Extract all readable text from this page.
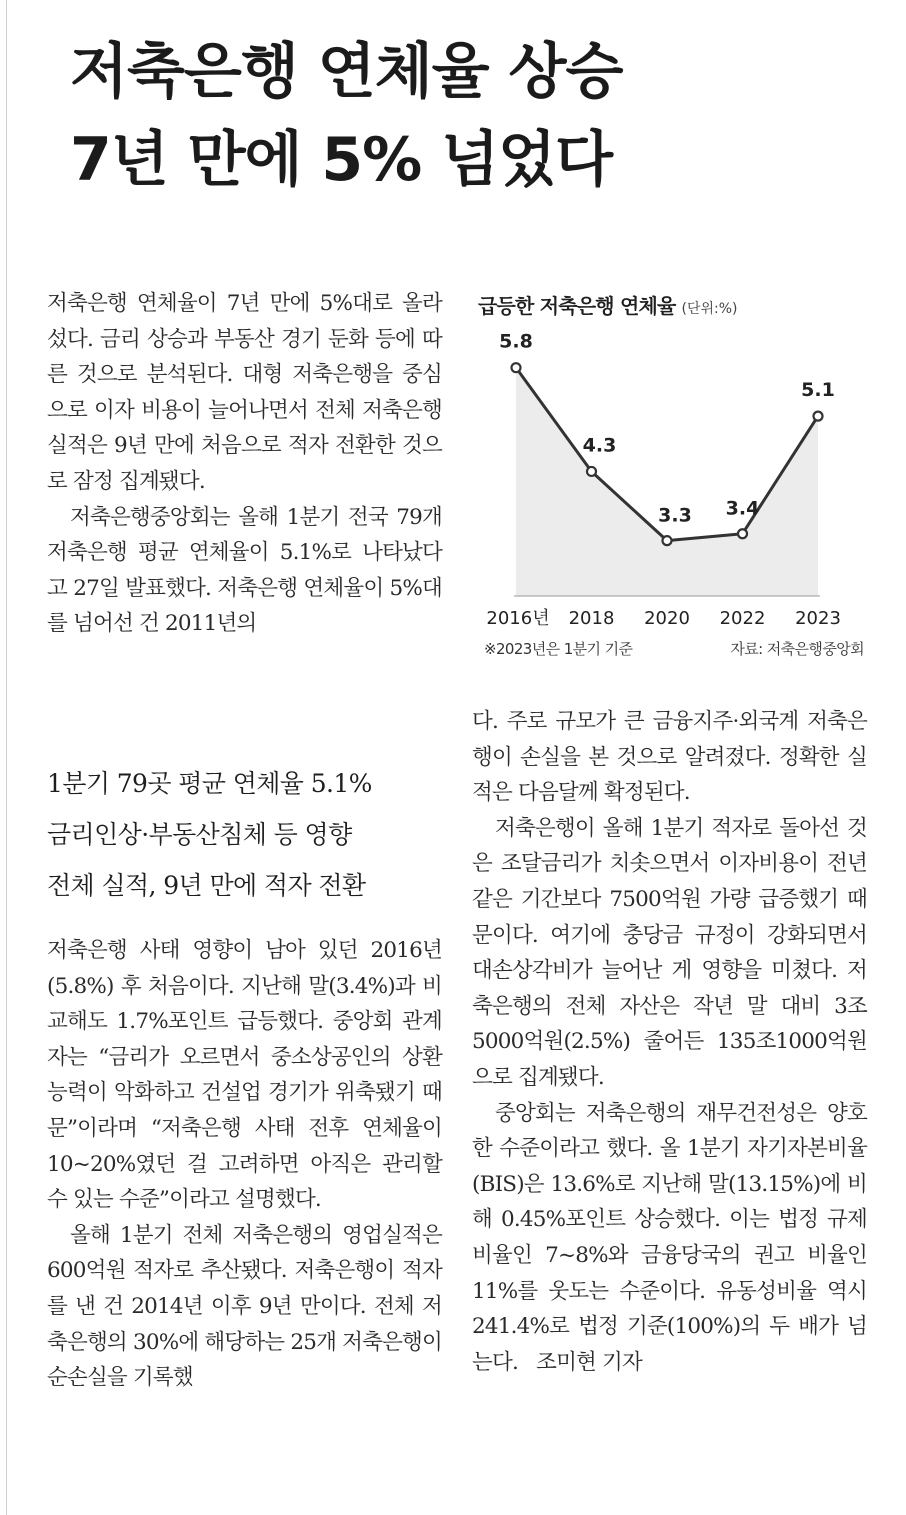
저축은행 연체율 상승
7년 만에 5% 넘었다

저축은행 연체율이 7년 만에 5%대로 올라섰다. 금리 상승과 부동산 경기 둔화 등에 따른 것으로 분석된다. 대형 저축은행을 중심으로 이자 비용이 늘어나면서 전체 저축은행 실적은 9년 만에 처음으로 적자 전환한 것으로 잠정 집계됐다.

저축은행중앙회는 올해 1분기 전국 79개 저축은행 평균 연체율이 5.1%로 나타났다고 27일 발표했다. 저축은행 연체율이 5%대를 넘어선 건 2011년의

1분기 79곳 평균 연체율 5.1%
금리인상·부동산침체 등 영향
전체 실적, 9년 만에 적자 전환

저축은행 사태 영향이 남아 있던 2016년(5.8%) 후 처음이다. 지난해 말(3.4%)과 비교해도 1.7%포인트 급등했다. 중앙회 관계자는 “금리가 오르면서 중소상공인의 상환 능력이 악화하고 건설업 경기가 위축됐기 때문”이라며 “저축은행 사태 전후 연체율이 10~20%였던 걸 고려하면 아직은 관리할 수 있는 수준”이라고 설명했다.

올해 1분기 전체 저축은행의 영업실적은 600억원 적자로 추산됐다. 저축은행이 적자를 낸 건 2014년 이후 9년 만이다. 전체 저축은행의 30%에 해당하는 25개 저축은행이 순손실을 기록했

급등한 저축은행 연체율 (단위:%)
5.8
2016년
4.3
2018
3.3
2020
3.4
2022
5.1
2023
※2023년은 1분기 기준	자료: 저축은행중앙회

다. 주로 규모가 큰 금융지주·외국계 저축은행이 손실을 본 것으로 알려졌다. 정확한 실적은 다음달께 확정된다.

저축은행이 올해 1분기 적자로 돌아선 것은 조달금리가 치솟으면서 이자비용이 전년 같은 기간보다 7500억원 가량 급증했기 때문이다. 여기에 충당금 규정이 강화되면서 대손상각비가 늘어난 게 영향을 미쳤다. 저축은행의 전체 자산은 작년 말 대비 3조5000억원(2.5%) 줄어든 135조1000억원으로 집계됐다.

중앙회는 저축은행의 재무건전성은 양호한 수준이라고 했다. 올 1분기 자기자본비율(BIS)은 13.6%로 지난해 말(13.15%)에 비해 0.45%포인트 상승했다. 이는 법정 규제 비율인 7~8%와 금융당국의 권고 비율인 11%를 웃도는 수준이다. 유동성비율 역시 241.4%로 법정 기준(100%)의 두 배가 넘는다. 조미현 기자
